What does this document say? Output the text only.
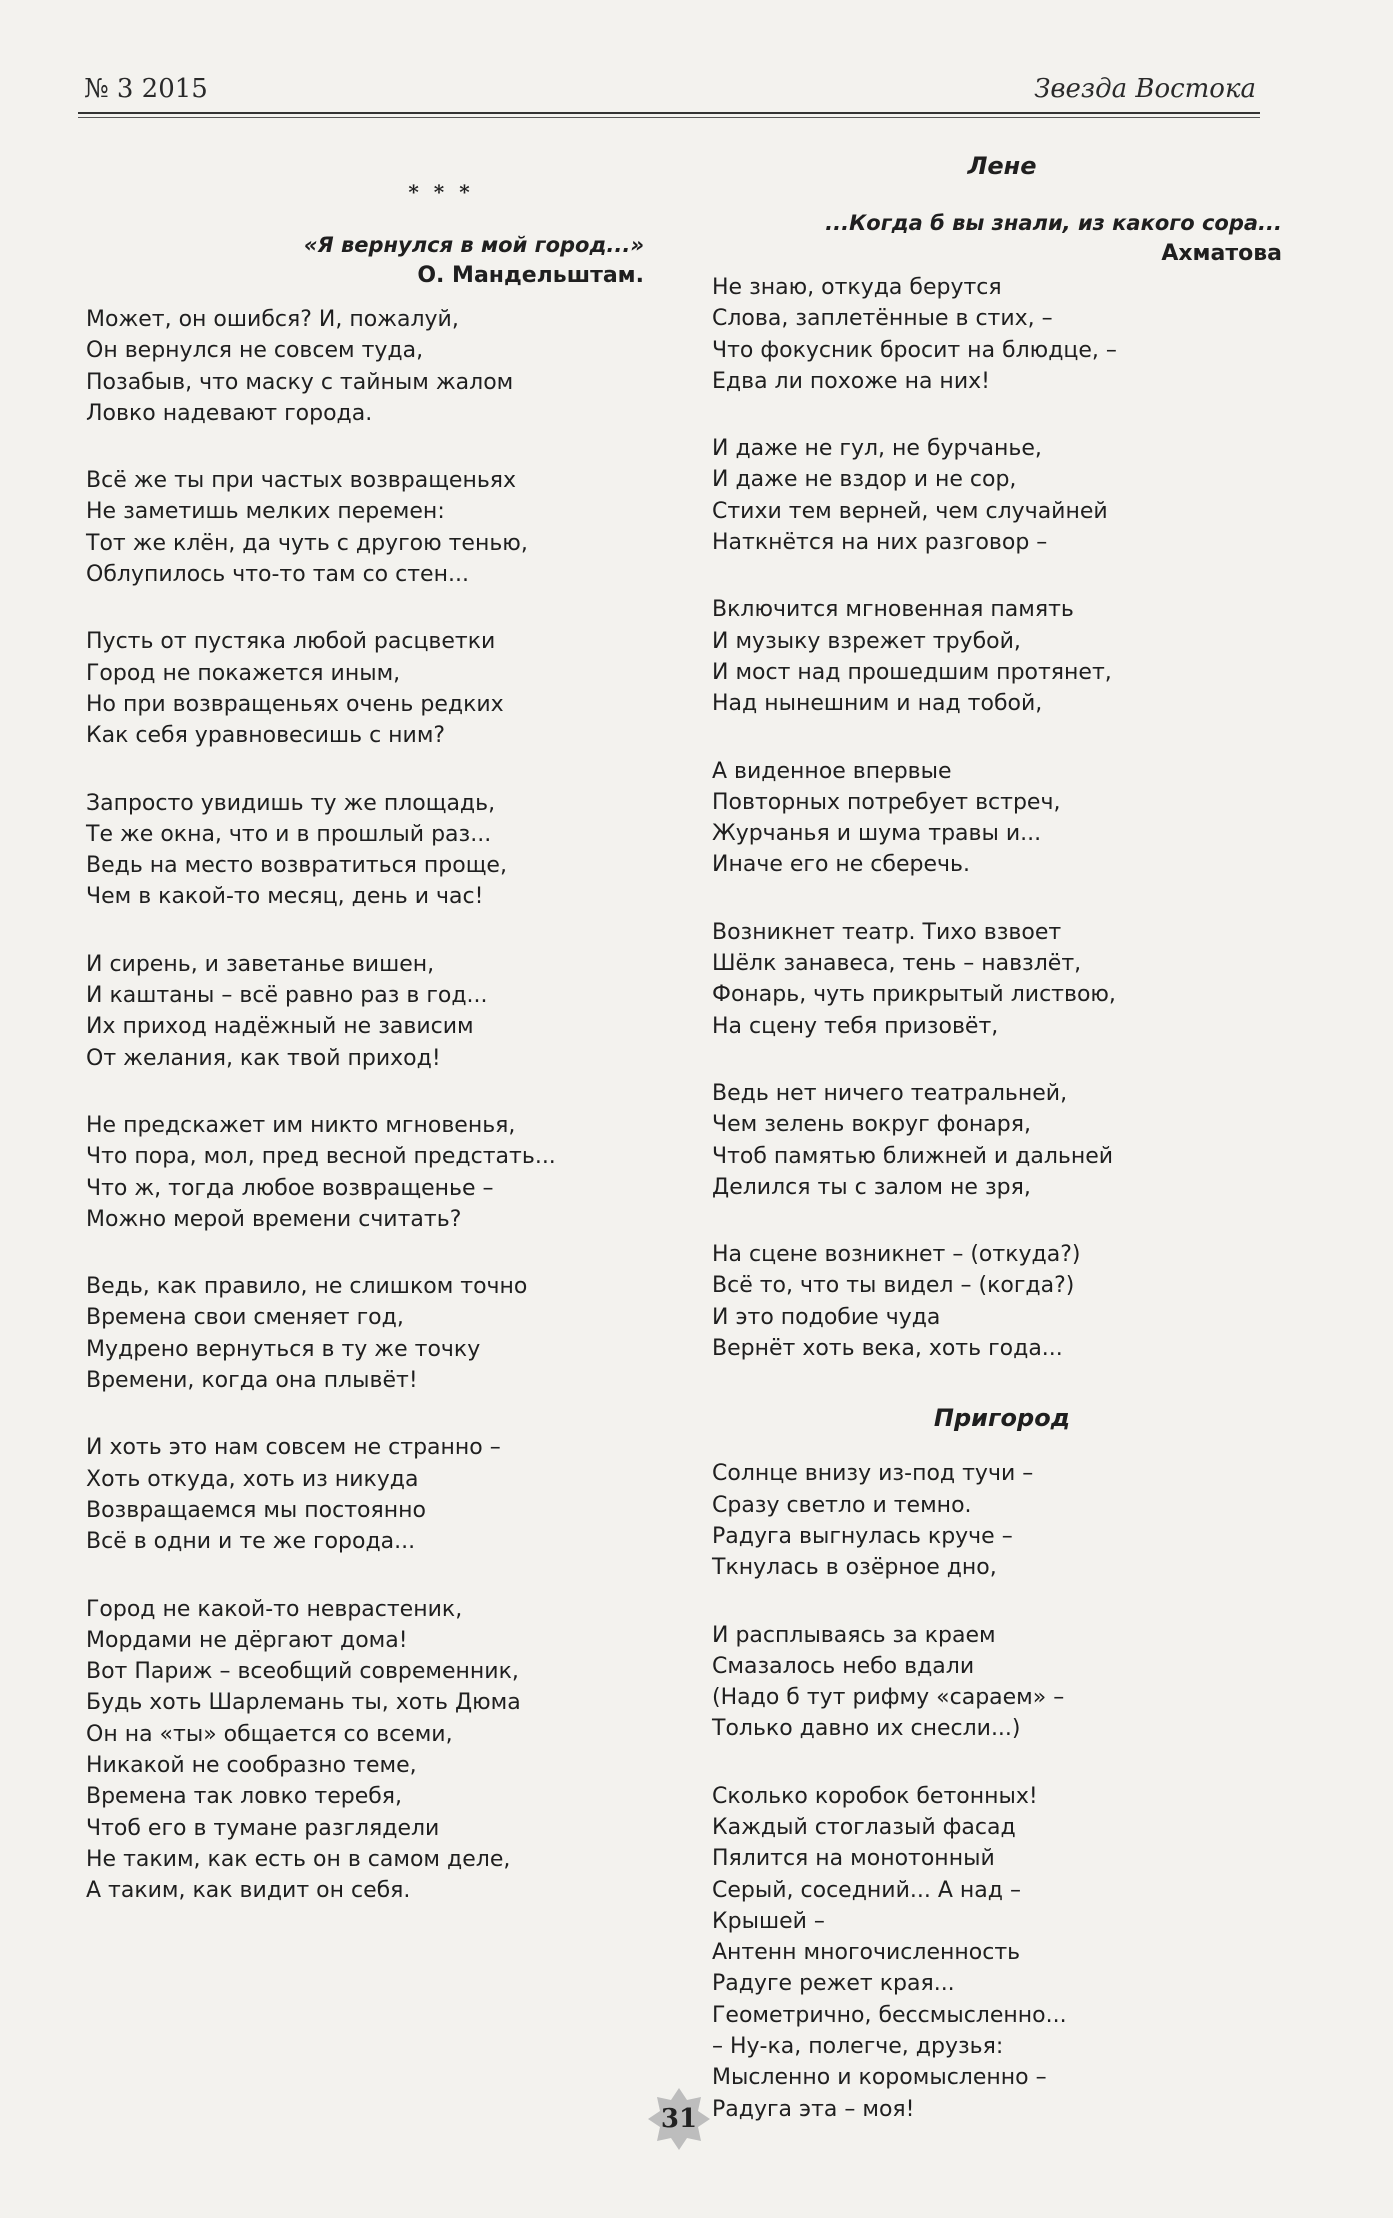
№ 3 2015	Звезда Востока
* * *
«Я вернулся в мой город...»
О. Мандельштам.
Может, он ошибся? И, пожалуй,
Он вернулся не совсем туда,
Позабыв, что маску с тайным жалом
Ловко надевают города.
Всё же ты при частых возвращеньях
Не заметишь мелких перемен:
Тот же клён, да чуть с другою тенью,
Облупилось что-то там со стен...
Пусть от пустяка любой расцветки
Город не покажется иным,
Но при возвращеньях очень редких
Как себя уравновесишь с ним?
Запросто увидишь ту же площадь,
Те же окна, что и в прошлый раз...
Ведь на место возвратиться проще,
Чем в какой-то месяц, день и час!
И сирень, и заветанье вишен,
И каштаны – всё равно раз в год...
Их приход надёжный не зависим
От желания, как твой приход!
Не предскажет им никто мгновенья,
Что пора, мол, пред весной предстать...
Что ж, тогда любое возвращенье –
Можно мерой времени считать?
Ведь, как правило, не слишком точно
Времена свои сменяет год,
Мудрено вернуться в ту же точку
Времени, когда она плывёт!
И хоть это нам совсем не странно –
Хоть откуда, хоть из никуда
Возвращаемся мы постоянно
Всё в одни и те же города...
Город не какой-то неврастеник,
Мордами не дёргают дома!
Вот Париж – всеобщий современник,
Будь хоть Шарлемань ты, хоть Дюма
Он на «ты» общается со всеми,
Никакой не сообразно теме,
Времена так ловко теребя,
Чтоб его в тумане разглядели
Не таким, как есть он в самом деле,
А таким, как видит он себя.
Лене
...Когда б вы знали, из какого сора...
Ахматова
Не знаю, откуда берутся
Слова, заплетённые в стих, –
Что фокусник бросит на блюдце, –
Едва ли похоже на них!
И даже не гул, не бурчанье,
И даже не вздор и не сор,
Стихи тем верней, чем случайней
Наткнётся на них разговор –
Включится мгновенная память
И музыку взрежет трубой,
И мост над прошедшим протянет,
Над нынешним и над тобой,
А виденное впервые
Повторных потребует встреч,
Журчанья и шума травы и...
Иначе его не сберечь.
Возникнет театр. Тихо взвоет
Шёлк занавеса, тень – навзлёт,
Фонарь, чуть прикрытый листвою,
На сцену тебя призовёт,
Ведь нет ничего театральней,
Чем зелень вокруг фонаря,
Чтоб памятью ближней и дальней
Делился ты с залом не зря,
На сцене возникнет – (откуда?)
Всё то, что ты видел – (когда?)
И это подобие чуда
Вернёт хоть века, хоть года...
Пригород
Солнце внизу из-под тучи –
Сразу светло и темно.
Радуга выгнулась круче –
Ткнулась в озёрное дно,
И расплываясь за краем
Смазалось небо вдали
(Надо б тут рифму «сараем» –
Только давно их снесли...)
Сколько коробок бетонных!
Каждый стоглазый фасад
Пялится на монотонный
Серый, соседний... А над –
Крышей –
Антенн многочисленность
Радуге режет края...
Геометрично, бессмысленно...
– Ну-ка, полегче, друзья:
Мысленно и коромысленно –
Радуга эта – моя!
31
